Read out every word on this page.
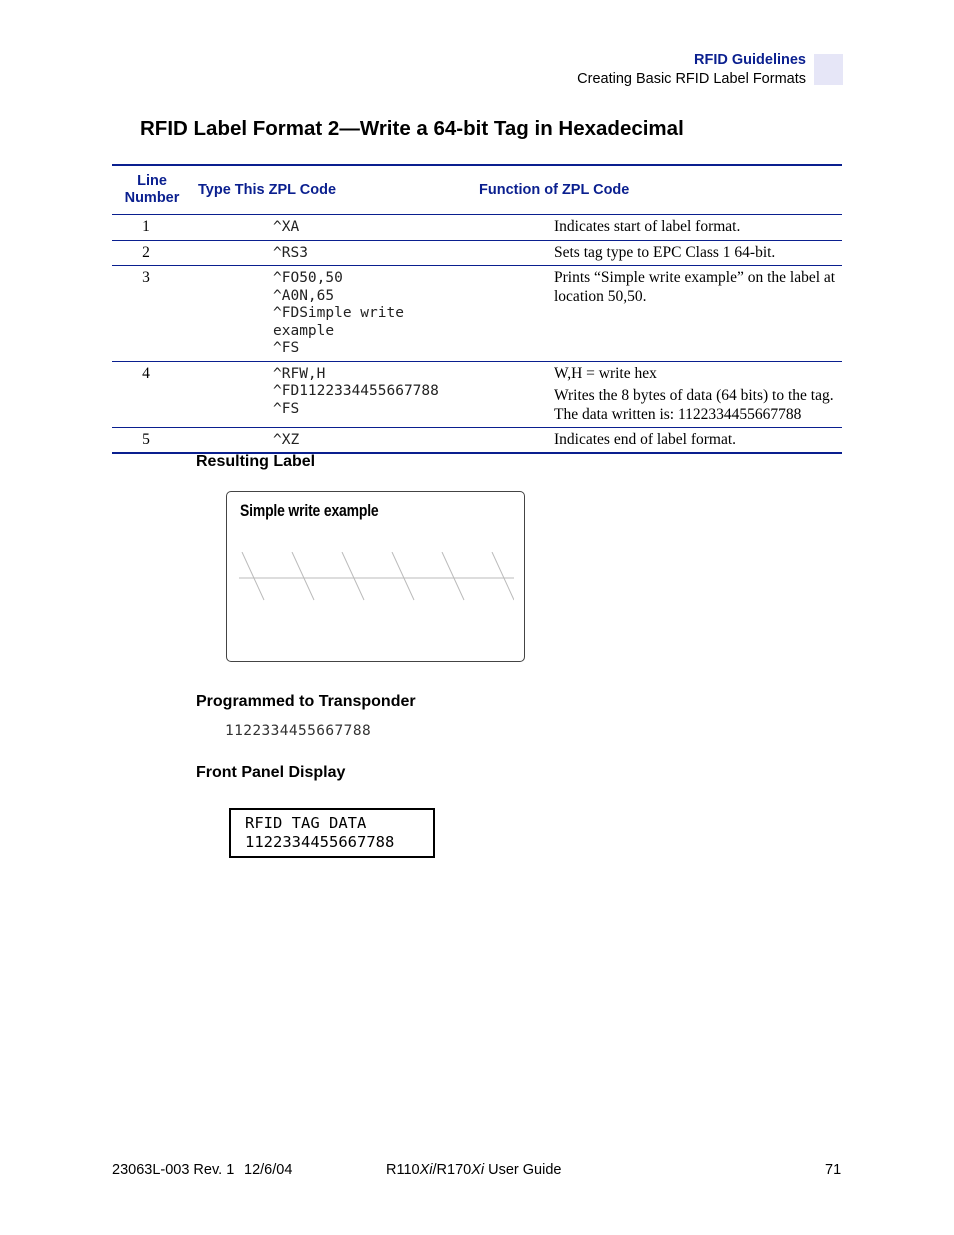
RFID Guidelines
Creating Basic RFID Label Formats
RFID Label Format 2—Write a 64-bit Tag in Hexadecimal
Line
Number	Type This ZPL Code	Function of ZPL Code
1	^XA	Indicates start of label format.

2	^RS3	Sets tag type to EPC Class 1 64-bit.

3	^FO50,50
^A0N,65
^FDSimple write example
^FS	Prints “Simple write example” on the label at location 50,50.

4	^RFW,H
^FD1122334455667788
^FS	W,H = write hex
Writes the 8 bytes of data (64 bits) to the tag. The data written is: 1122334455667788

5	^XZ	Indicates end of label format.
Resulting Label
Simple write example
Programmed to Transponder
1122334455667788
Front Panel Display
RFID TAG DATA
1122334455667788
23063L-003 Rev. 1 12/6/04	R110Xi/R170Xi User Guide	71
